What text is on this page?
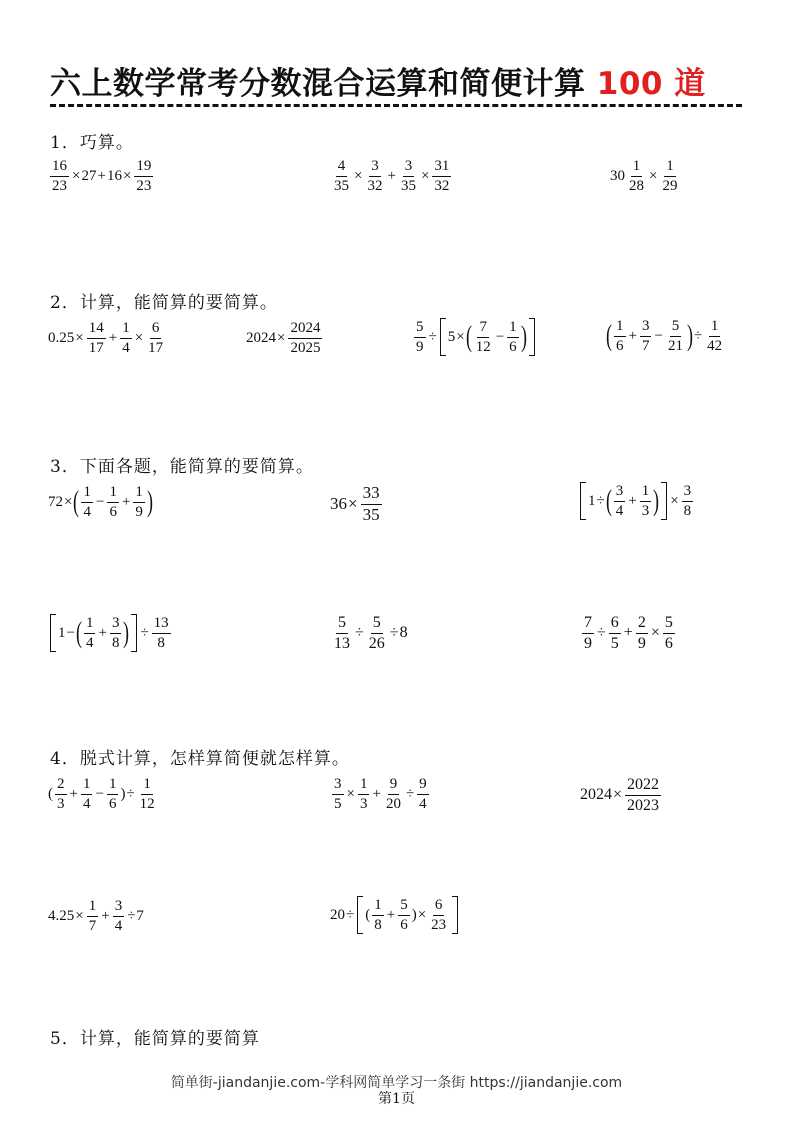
六上数学常考分数混合运算和简便计算 100 道
1．巧算。
$\frac{16}{23} \times 27 + 16 \times \frac{19}{23}$	$\frac{4}{35} \times \frac{3}{32} + \frac{3}{35} \times \frac{31}{32}$	$30 \frac{1}{28} \times \frac{1}{29}$
2．计算，能简算的要简算。
$0.25 \times \frac{14}{17} + \frac{1}{4} \times \frac{6}{17}$	$2024 \times \frac{2024}{2025}$	$\frac{5}{9} \div 5$ × ( $\frac{7}{12} - \frac{1}{6}$ )	( $\frac{1}{6} + \frac{3}{7} - \frac{5}{21}$ ) ÷ $\frac{1}{42}$
3．下面各题，能简算的要简算。
72 × ( $\frac{1}{4} - \frac{1}{6} + \frac{1}{9}$ )	$36 \times \frac{33}{35}$	1 ÷ ( $\frac{3}{4} + \frac{1}{3}$ ) × $\frac{3}{8}$
1 − ( $\frac{1}{4} + \frac{3}{8}$ ) ÷ $\frac{13}{8}$	$\frac{5}{13} \div \frac{5}{26} \div 8$	$\frac{7}{9} \div \frac{6}{5} + \frac{2}{9} \times \frac{5}{6}$
4．脱式计算，怎样算简便就怎样算。
( $\frac{2}{3} + \frac{1}{4} - \frac{1}{6}$ ) ÷ $\frac{1}{12}$	$\frac{3}{5} \times \frac{1}{3} + \frac{9}{20} \div \frac{9}{4}$	$2024 \times \frac{2022}{2023}$
$4.25 \times \frac{1}{7} + \frac{3}{4} \div 7$	20 ÷ ( $\frac{1}{8} + \frac{5}{6}$ ) × $\frac{6}{23}$
5．计算，能简算的要简算
简单街-jiandanjie.com-学科网简单学习一条街 https://jiandanjie.com
第1页
